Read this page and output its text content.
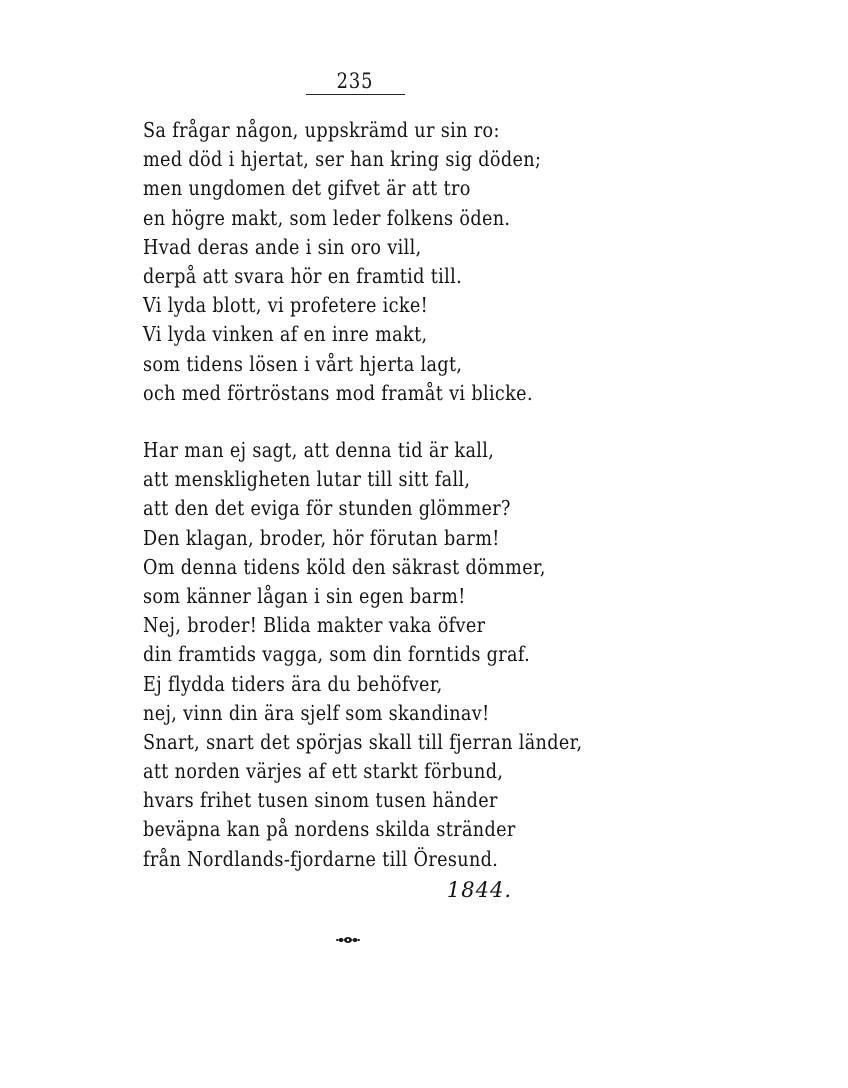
235
Sa frågar någon, uppskrämd ur sin ro:
med död i hjertat, ser han kring sig döden;
men ungdomen det gifvet är att tro
en högre makt, som leder folkens öden.
Hvad deras ande i sin oro vill,
derpå att svara hör en framtid till.
Vi lyda blott, vi profetere icke!
Vi lyda vinken af en inre makt,
som tidens lösen i vårt hjerta lagt,
och med förtröstans mod framåt vi blicke.
Har man ej sagt, att denna tid är kall,
att menskligheten lutar till sitt fall,
att den det eviga för stunden glömmer?
Den klagan, broder, hör förutan barm!
Om denna tidens köld den säkrast dömmer,
som känner lågan i sin egen barm!
Nej, broder! Blida makter vaka öfver
din framtids vagga, som din forntids graf.
Ej flydda tiders ära du behöfver,
nej, vinn din ära sjelf som skandinav!
Snart, snart det spörjas skall till fjerran länder,
att norden värjes af ett starkt förbund,
hvars frihet tusen sinom tusen händer
beväpna kan på nordens skilda stränder
från Nordlands-fjordarne till Öresund.
1844.
